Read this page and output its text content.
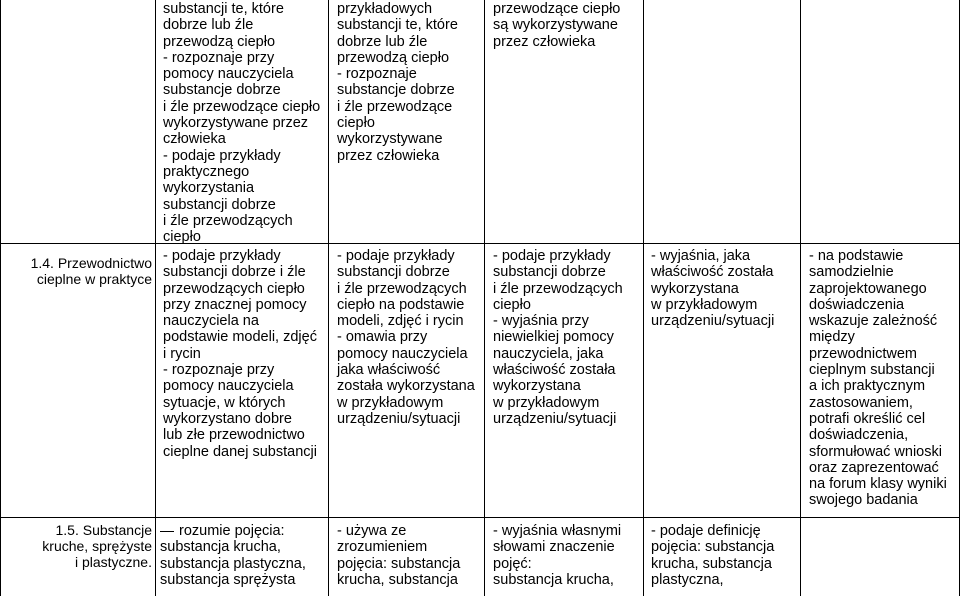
substancji te, które
dobrze lub źle
przewodzą ciepło
- rozpoznaje przy
pomocy nauczyciela
substancje dobrze
i źle przewodzące ciepło
wykorzystywane przez
człowieka
- podaje przykłady
praktycznego
wykorzystania
substancji dobrze
i źle przewodzących
ciepło
przykładowych
substancji te, które
dobrze lub źle
przewodzą ciepło
- rozpoznaje
substancje dobrze
i źle przewodzące
ciepło
wykorzystywane
przez człowieka
przewodzące ciepło
są wykorzystywane
przez człowieka
1.4. Przewodnictwo
cieplne w praktyce
- podaje przykłady
substancji dobrze i źle
przewodzących ciepło
przy znacznej pomocy
nauczyciela na
podstawie modeli, zdjęć
i rycin
- rozpoznaje przy
pomocy nauczyciela
sytuacje, w których
wykorzystano dobre
lub złe przewodnictwo
cieplne danej substancji
- podaje przykłady
substancji dobrze
i źle przewodzących
ciepło na podstawie
modeli, zdjęć i rycin
- omawia przy
pomocy nauczyciela
jaka właściwość
została wykorzystana
w przykładowym
urządzeniu/sytuacji
- podaje przykłady
substancji dobrze
i źle przewodzących
ciepło
- wyjaśnia przy
niewielkiej pomocy
nauczyciela, jaka
właściwość została
wykorzystana
w przykładowym
urządzeniu/sytuacji
- wyjaśnia, jaka
właściwość została
wykorzystana
w przykładowym
urządzeniu/sytuacji
- na podstawie
samodzielnie
zaprojektowanego
doświadczenia
wskazuje zależność
między
przewodnictwem
cieplnym substancji
a ich praktycznym
zastosowaniem,
potrafi określić cel
doświadczenia,
sformułować wnioski
oraz zaprezentować
na forum klasy wyniki
swojego badania
1.5. Substancje
kruche, sprężyste
i plastyczne.
rozumie pojęcia:
substancja krucha,
substancja plastyczna,
substancja sprężysta
- używa ze
zrozumieniem
pojęcia: substancja
krucha, substancja
- wyjaśnia własnymi
słowami znaczenie
pojęć:
substancja krucha,
- podaje definicję
pojęcia: substancja
krucha, substancja
plastyczna,
